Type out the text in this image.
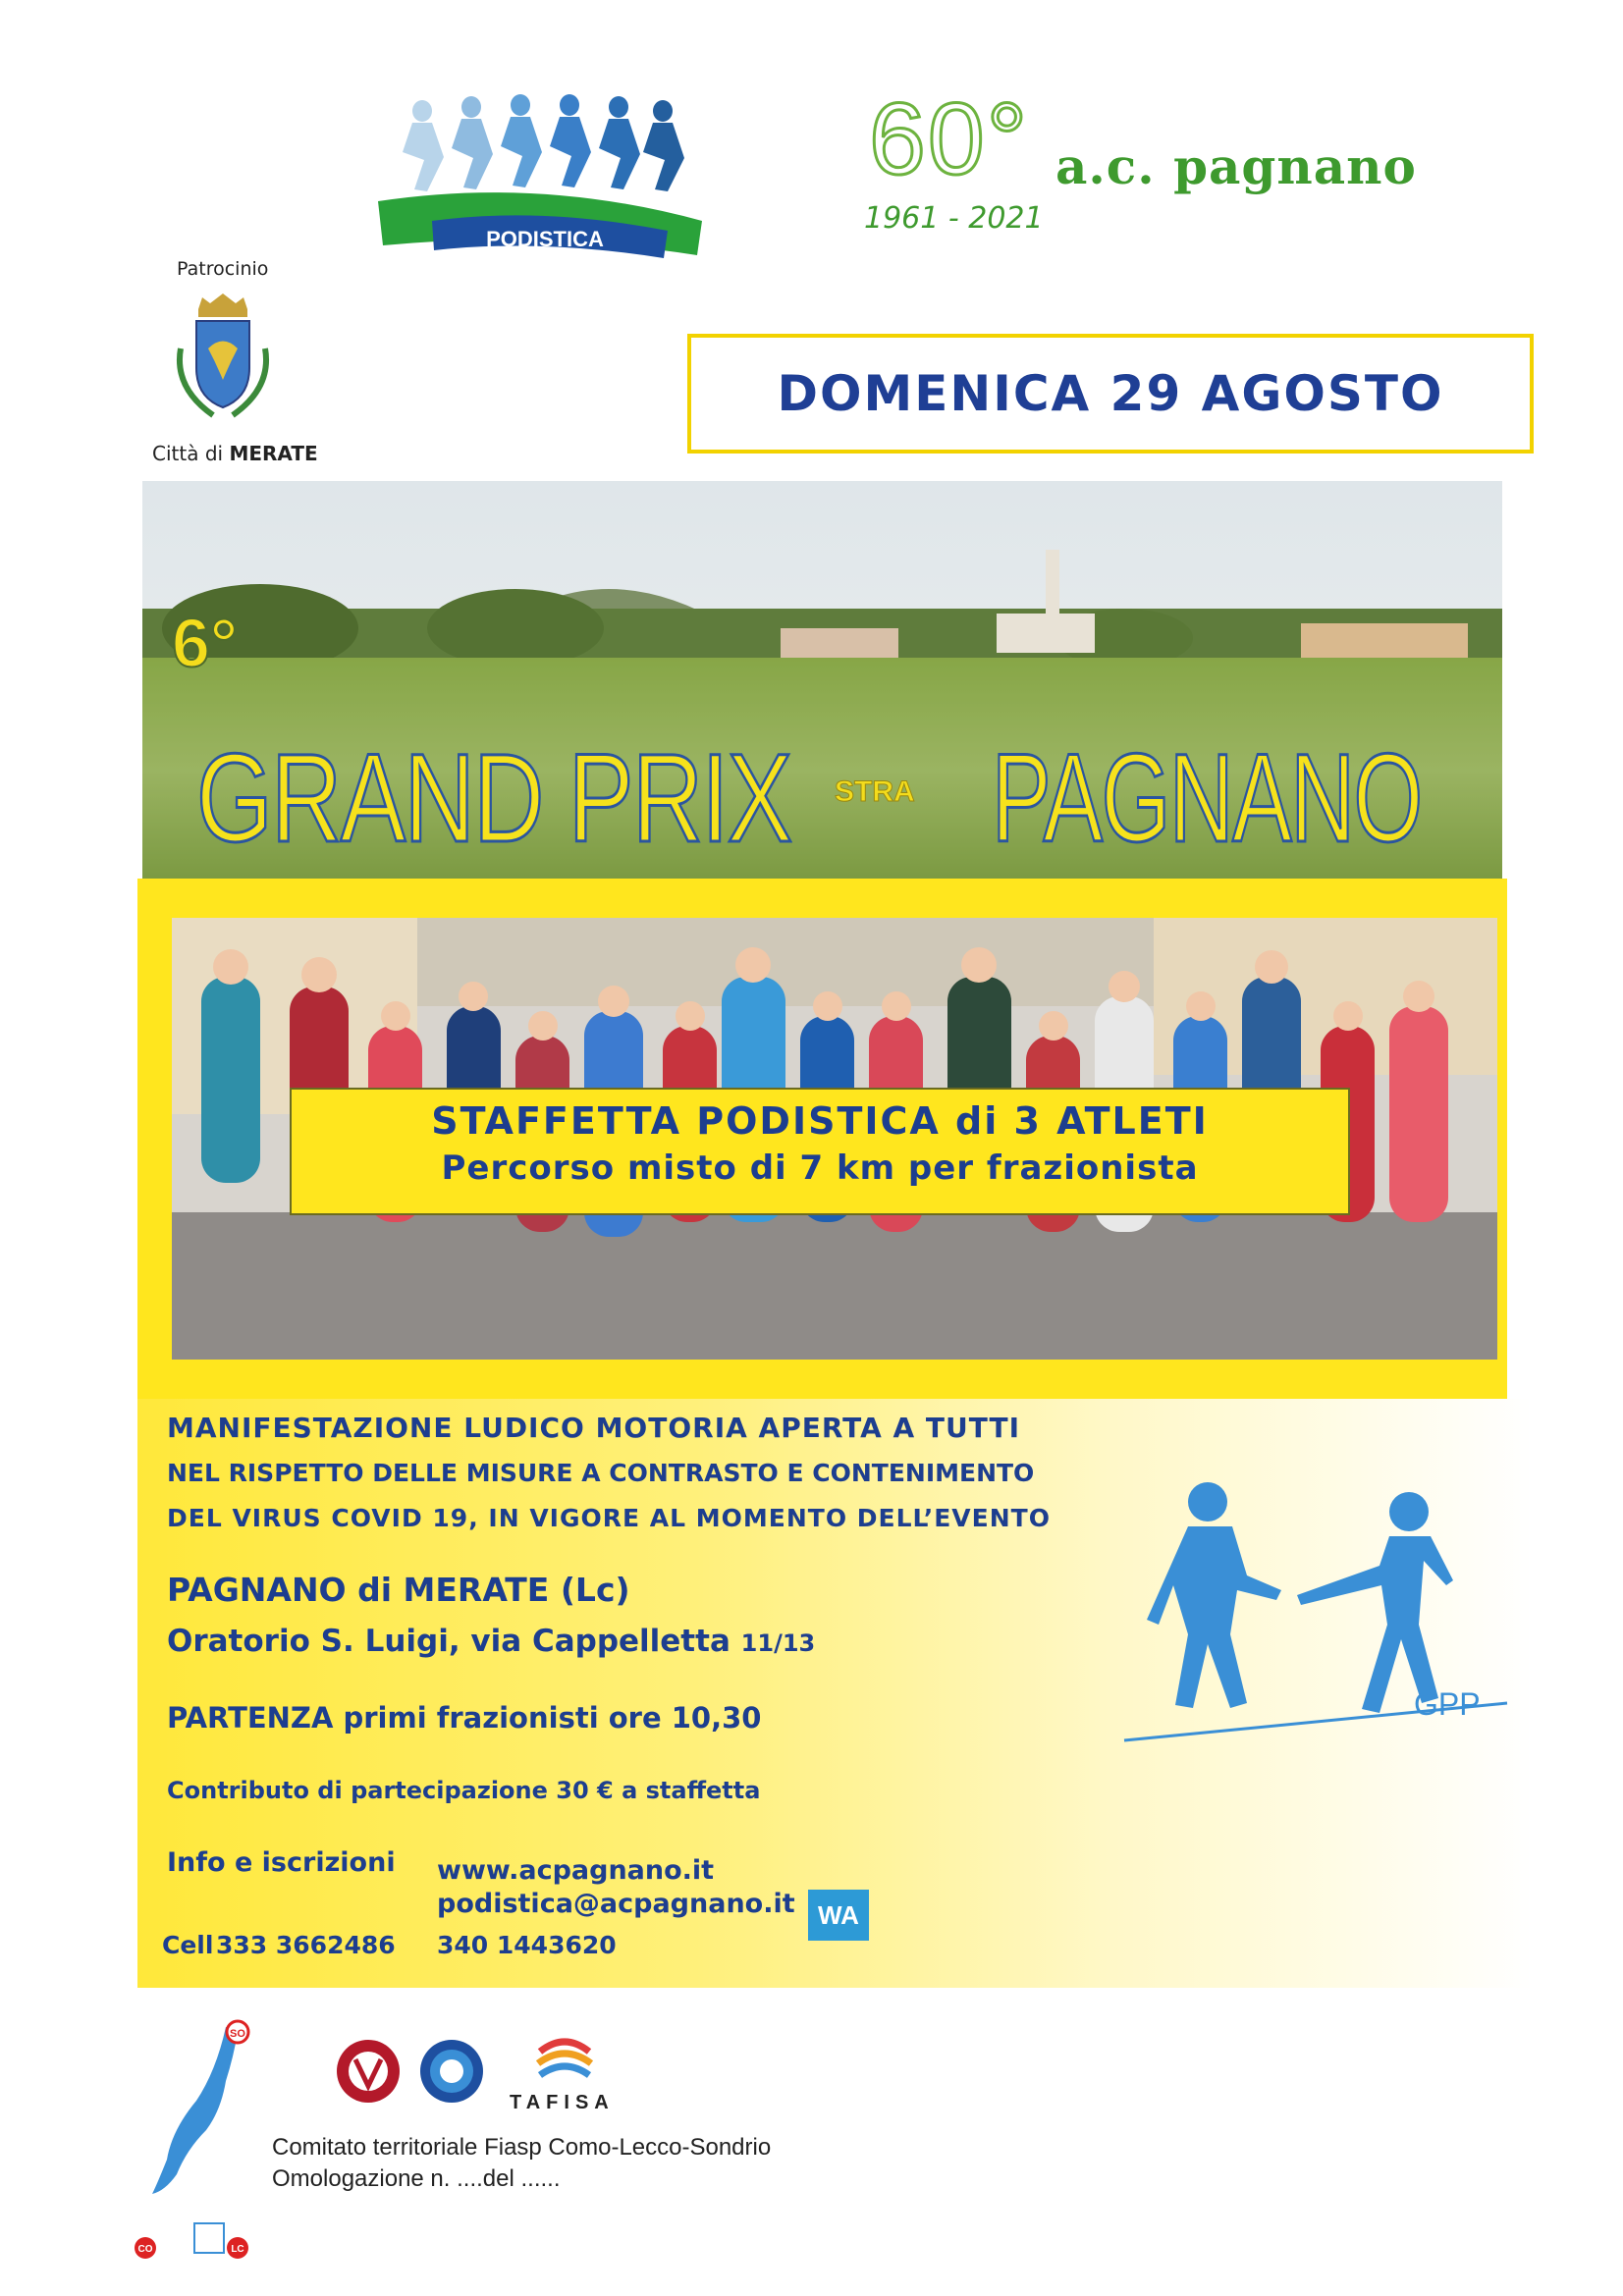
PODISTICA
60° a.c. pagnano
1961 - 2021
Patrocinio
Città di MERATE
DOMENICA 29 AGOSTO
6°
GRAND PRIX STRA PAGNANO
STAFFETTA PODISTICA di 3 ATLETI
Percorso misto di 7 km per frazionista
MANIFESTAZIONE LUDICO MOTORIA APERTA A TUTTI
NEL RISPETTO DELLE MISURE A CONTRASTO E CONTENIMENTO
DEL VIRUS COVID 19, IN VIGORE AL MOMENTO DELL’EVENTO
PAGNANO di MERATE (Lc)
Oratorio S. Luigi, via Cappelletta 11/13
PARTENZA primi frazionisti ore 10,30
Contributo di partecipazione 30 € a staffetta
Info e iscrizioni www.acpagnano.it
podistica@acpagnano.it
Cell 333 3662486 340 1443620
WA
GPP
SO
CO	LC
TAFISA
Comitato territoriale Fiasp Como-Lecco-Sondrio
Omologazione n. ....del ......
